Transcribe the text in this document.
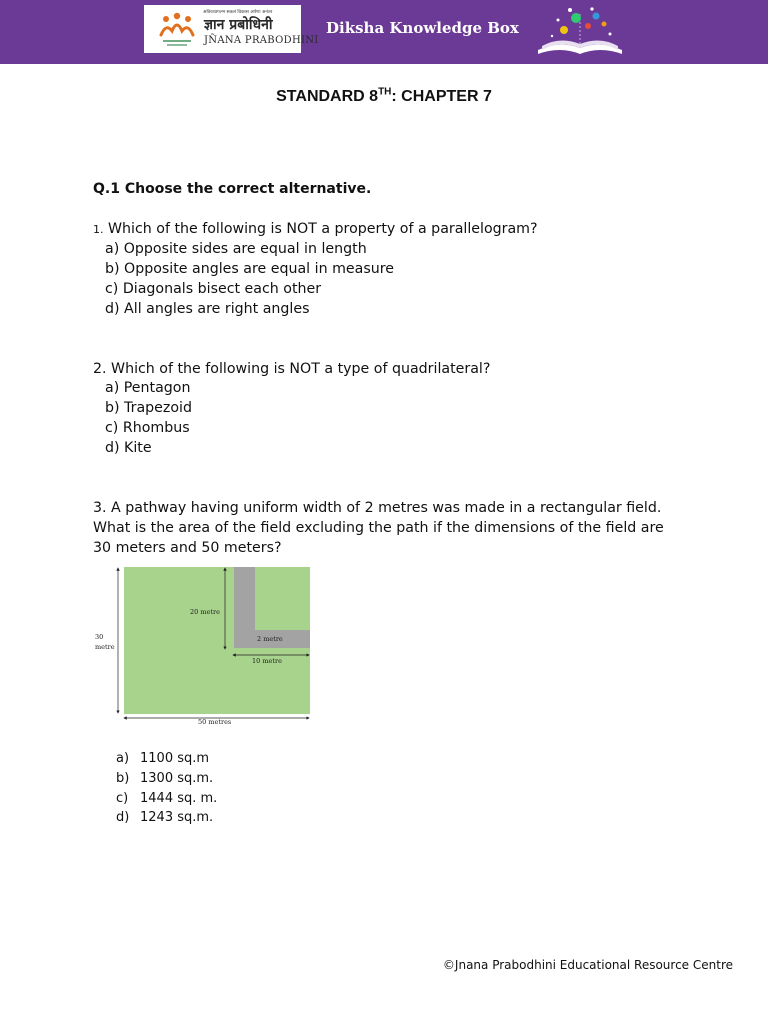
अविरतप्रगल्भ सकलं विकास अर्पणा अनंतर
ज्ञान प्रबोधिनी
JÑANA PRABODHINI
Diksha Knowledge Box
STANDARD 8TH: CHAPTER 7
Q.1 Choose the correct alternative.
1. Which of the following is NOT a property of a parallelogram?
a) Opposite sides are equal in length
b) Opposite angles are equal in measure
c) Diagonals bisect each other
d) All angles are right angles
2. Which of the following is NOT a type of quadrilateral?
a) Pentagon
b) Trapezoid
c) Rhombus
d) Kite
3. A pathway having uniform width of 2 metres was made in a rectangular field.
What is the area of the field excluding the path if the dimensions of the field are
30 meters and 50 meters?
30
metre
20 metre
2 metre
10 metre
50 metres
a) 1100 sq.m
b) 1300 sq.m.
c) 1444 sq. m.
d) 1243 sq.m.
©Jnana Prabodhini Educational Resource Centre
